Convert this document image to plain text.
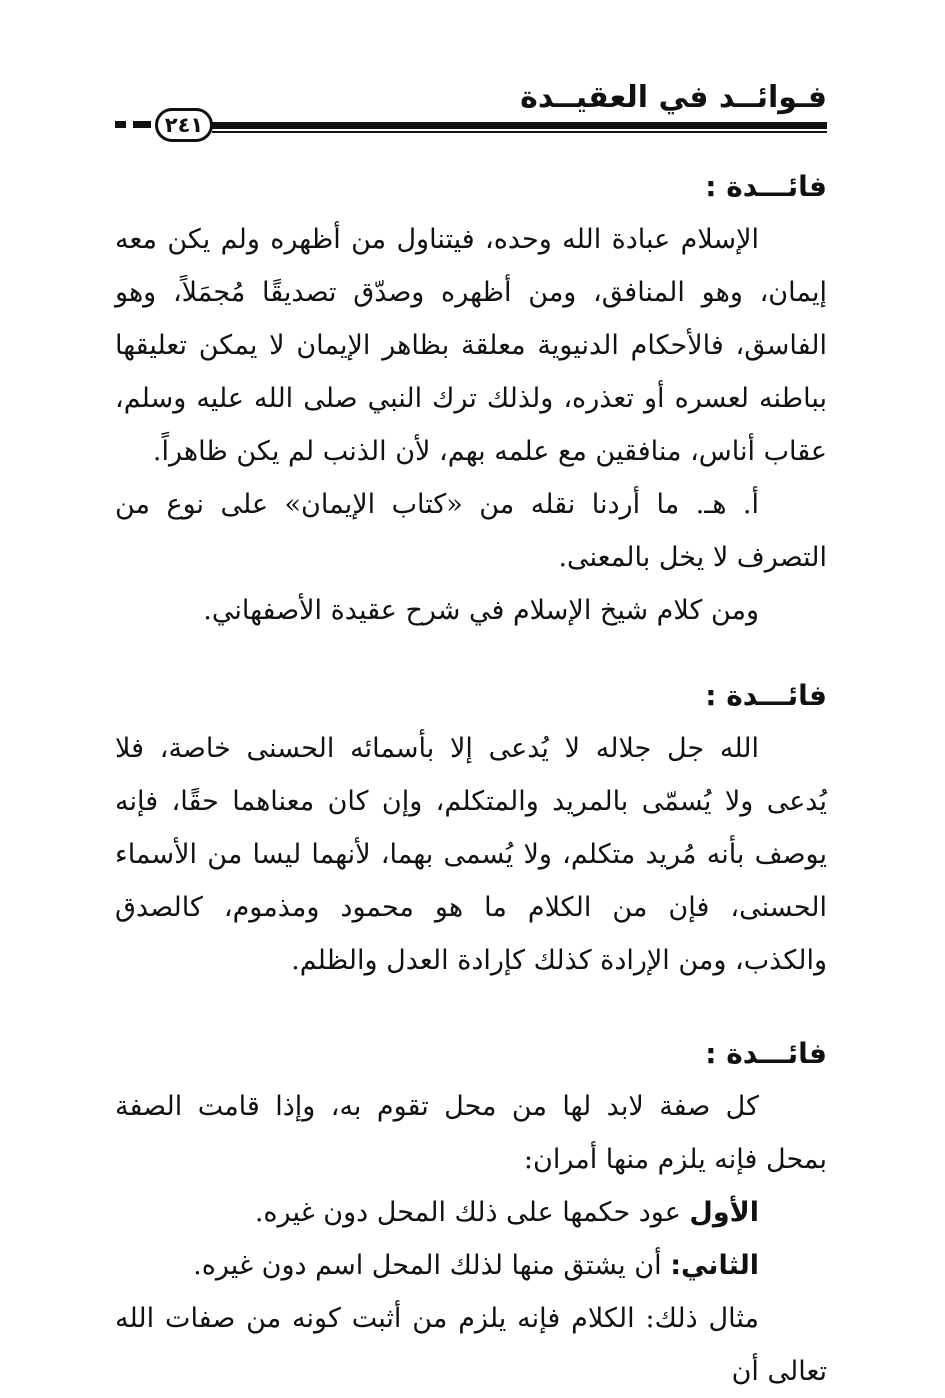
فـوائــد في العقيــدة
٢٤١

فائـــدة :

الإسلام عبادة الله وحده، فيتناول من أظهره ولم يكن معه إيمان، وهو المنافق، ومن أظهره وصدّق تصديقًا مُجمَلاً، وهو الفاسق، فالأحكام الدنيوية معلقة بظاهر الإيمان لا يمكن تعليقها بباطنه لعسره أو تعذره، ولذلك ترك النبي صلى الله عليه وسلم، عقاب أناس، منافقين مع علمه بهم، لأن الذنب لم يكن ظاهراً.

أ. هـ. ما أردنا نقله من «كتاب الإيمان» على نوع من التصرف لا يخل بالمعنى.

ومن كلام شيخ الإسلام في شرح عقيدة الأصفهاني.

فائـــدة :

الله جل جلاله لا يُدعى إلا بأسمائه الحسنى خاصة، فلا يُدعى ولا يُسمّى بالمريد والمتكلم، وإن كان معناهما حقًا، فإنه يوصف بأنه مُريد متكلم، ولا يُسمى بهما، لأنهما ليسا من الأسماء الحسنى، فإن من الكلام ما هو محمود ومذموم، كالصدق والكذب، ومن الإرادة كذلك كإرادة العدل والظلم.

فائـــدة :

كل صفة لابد لها من محل تقوم به، وإذا قامت الصفة بمحل فإنه يلزم منها أمران:

الأول عود حكمها على ذلك المحل دون غيره.

الثاني: أن يشتق منها لذلك المحل اسم دون غيره.

مثال ذلك: الكلام فإنه يلزم من أثبت كونه من صفات الله تعالى أن
